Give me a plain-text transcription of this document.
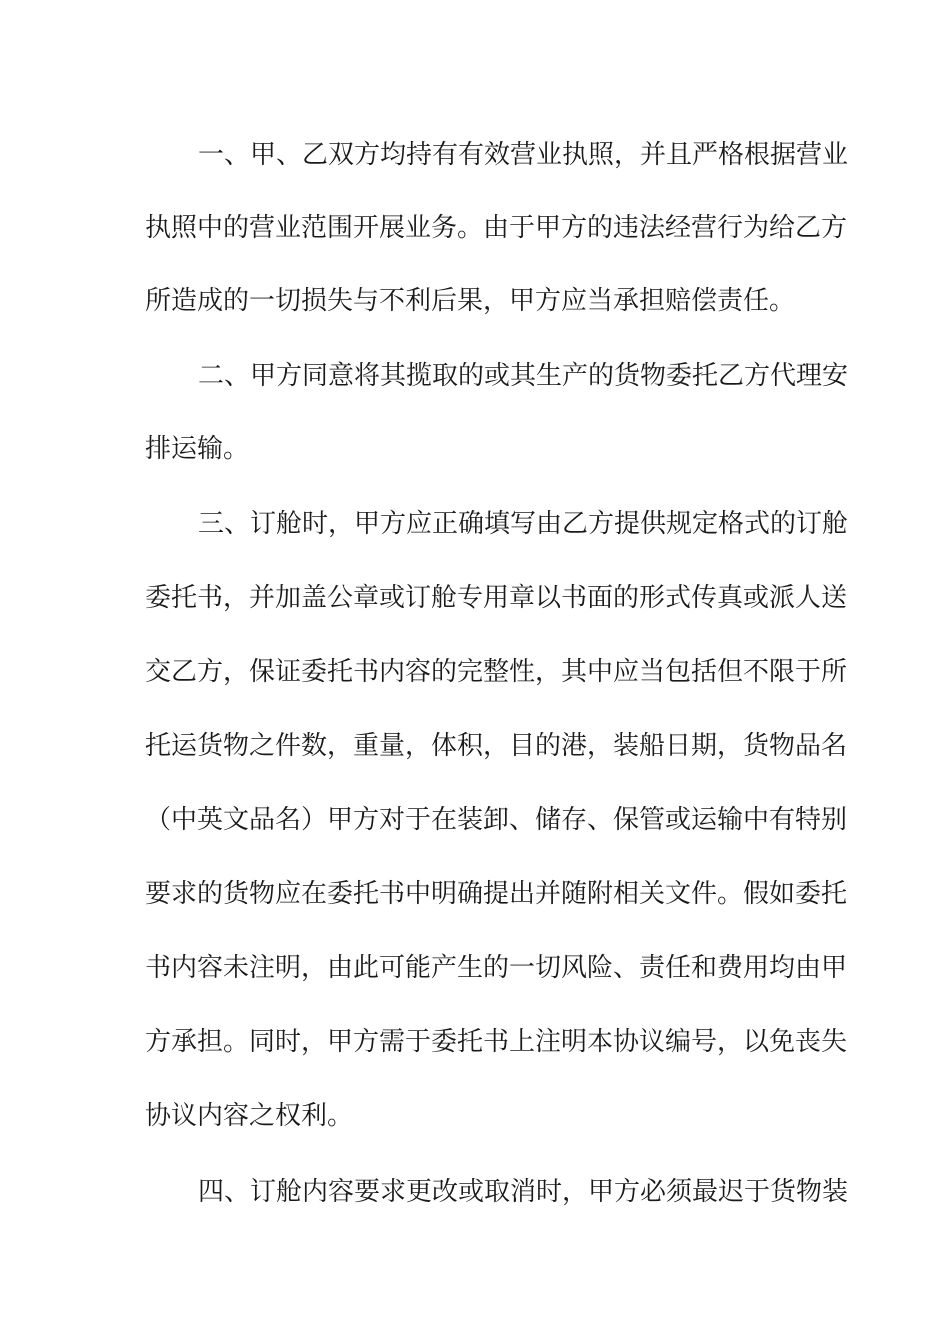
一、甲、乙双方均持有有效营业执照，并且严格根据营业
执照中的营业范围开展业务。由于甲方的违法经营行为给乙方
所造成的一切损失与不利后果，甲方应当承担赔偿责任。
二、甲方同意将其揽取的或其生产的货物委托乙方代理安
排运输。
三、订舱时，甲方应正确填写由乙方提供规定格式的订舱
委托书，并加盖公章或订舱专用章以书面的形式传真或派人送
交乙方，保证委托书内容的完整性，其中应当包括但不限于所
托运货物之件数，重量，体积，目的港，装船日期，货物品名
（中英文品名）甲方对于在装卸、储存、保管或运输中有特别
要求的货物应在委托书中明确提出并随附相关文件。假如委托
书内容未注明，由此可能产生的一切风险、责任和费用均由甲
方承担。同时，甲方需于委托书上注明本协议编号，以免丧失
协议内容之权利。
四、订舱内容要求更改或取消时，甲方必须最迟于货物装
